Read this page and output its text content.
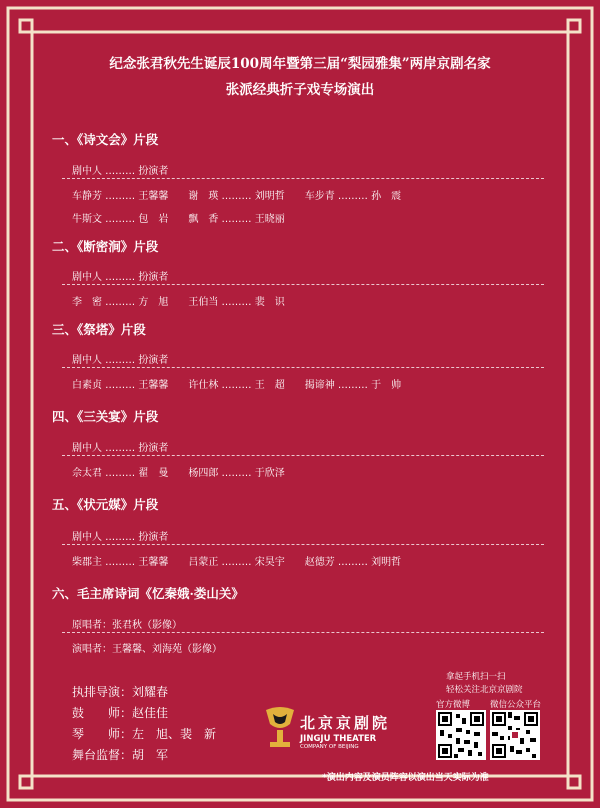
纪念张君秋先生诞辰100周年暨第三届“梨园雅集”两岸京剧名家
张派经典折子戏专场演出
一、《诗文会》片段
剧中人 ……… 扮演者
车静芳 ……… 王馨馨　　谢　瑛 ……… 刘明哲　　车步青 ……… 孙　震
牛斯文 ……… 包　岩　　飘　香 ……… 王晓丽
二、《断密涧》片段
剧中人 ……… 扮演者
李　密 ……… 方　旭　　王伯当 ……… 裴　识
三、《祭塔》片段
剧中人 ……… 扮演者
白素贞 ……… 王馨馨　　许仕林 ……… 王　超　　揭谛神 ……… 于　帅
四、《三关宴》片段
剧中人 ……… 扮演者
佘太君 ……… 翟　曼　　杨四郎 ……… 于欣泽
五、《状元媒》片段
剧中人 ……… 扮演者
柴郡主 ……… 王馨馨　　吕蒙正 ……… 宋昊宇　　赵德芳 ……… 刘明哲
六、毛主席诗词《忆秦娥·娄山关》
原唱者：张君秋（影像）
演唱者：王馨馨、刘海苑（影像）
执排导演：刘耀春
鼓　　师：赵佳佳
琴　　师：左　旭、裴　新
舞台监督：胡　军
北京京剧院
JINGJU THEATER
COMPANY OF BEIJING
拿起手机扫一扫
轻松关注北京京剧院
官方微博 微信公众平台
*演出内容及演员阵容以演出当天实际为准
